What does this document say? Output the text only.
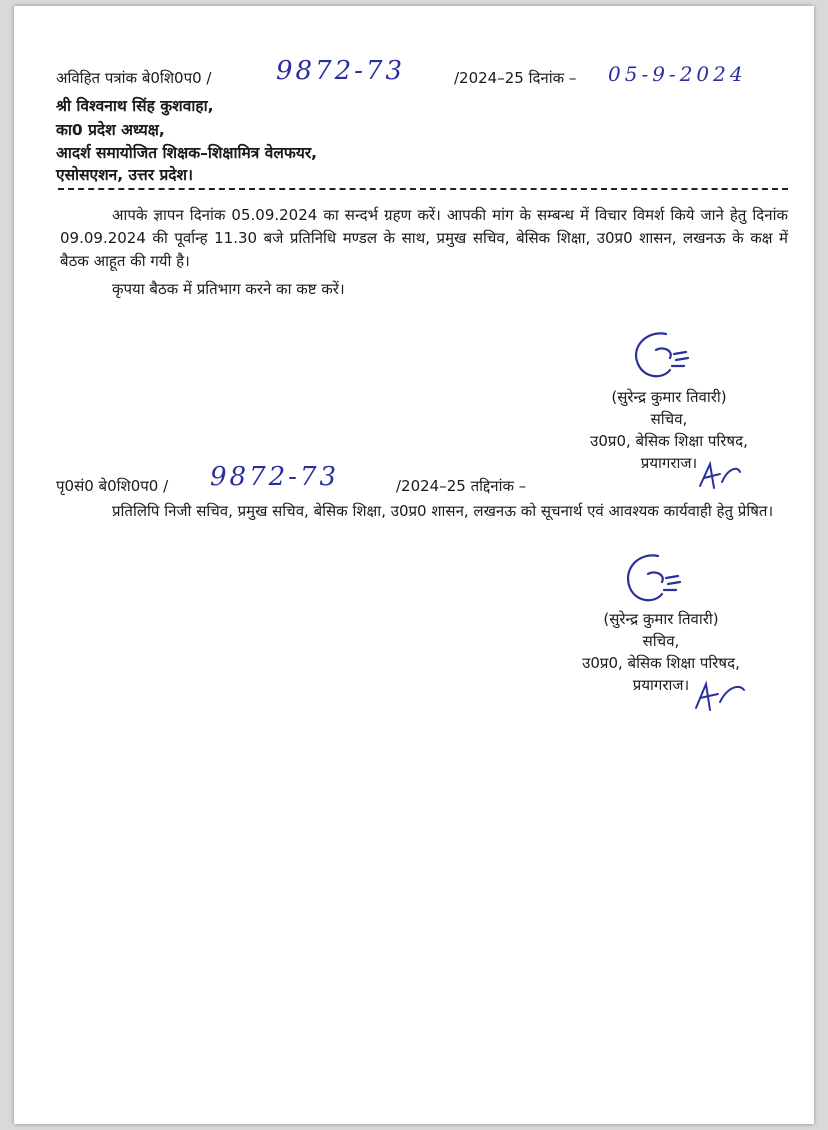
अविहित पत्रांक बे0शि0प0 / 9872-73	/2024–25 दिनांक – 05-9-2024
श्री विश्वनाथ सिंह कुशवाहा,
का0 प्रदेश अध्यक्ष,
आदर्श समायोजित शिक्षक–शिक्षामित्र वेलफयर,
एसोसएशन, उत्तर प्रदेश।
आपके ज्ञापन दिनांक 05.09.2024 का सन्दर्भ ग्रहण करें। आपकी मांग के सम्बन्ध में विचार विमर्श किये जाने हेतु दिनांक 09.09.2024 की पूर्वान्ह 11.30 बजे प्रतिनिधि मण्डल के साथ, प्रमुख सचिव, बेसिक शिक्षा, उ0प्र0 शासन, लखनऊ के कक्ष में बैठक आहूत की गयी है।
कृपया बैठक में प्रतिभाग करने का कष्ट करें।
(सुरेन्द्र कुमार तिवारी)
सचिव,
उ0प्र0, बेसिक शिक्षा परिषद,
प्रयागराज।
पृ0सं0 बे0शि0प0 / 9872-73	/2024–25 तद्दिनांक –
प्रतिलिपि निजी सचिव, प्रमुख सचिव, बेसिक शिक्षा, उ0प्र0 शासन, लखनऊ को सूचनार्थ एवं आवश्यक कार्यवाही हेतु प्रेषित।
(सुरेन्द्र कुमार तिवारी)
सचिव,
उ0प्र0, बेसिक शिक्षा परिषद,
प्रयागराज।
